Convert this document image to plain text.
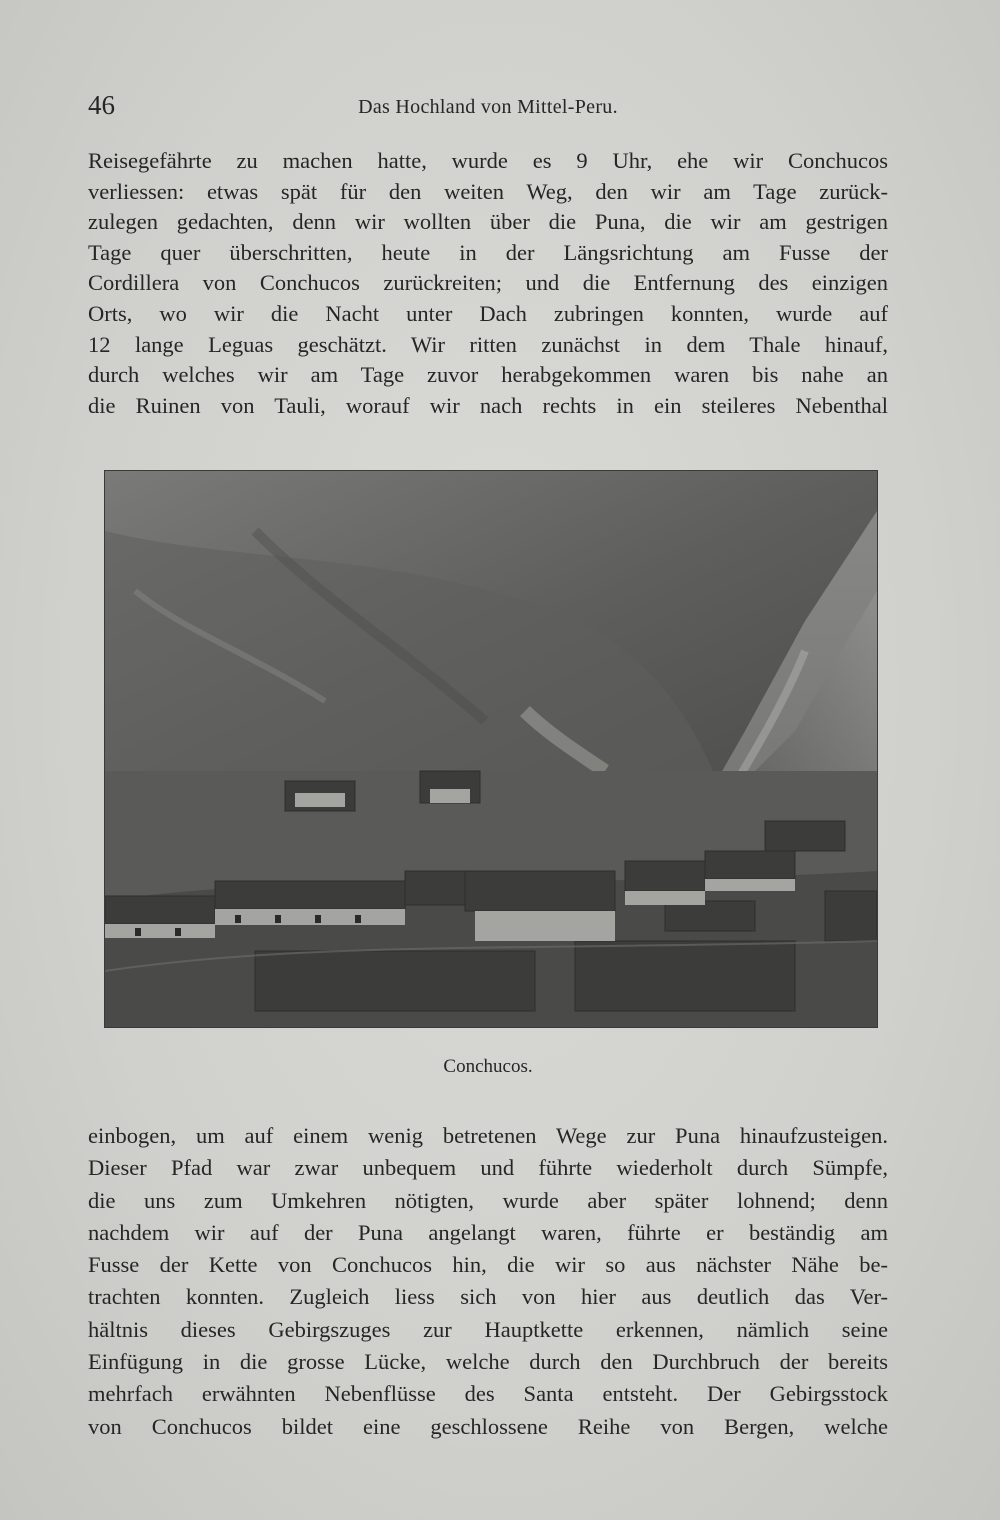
46	Das Hochland von Mittel-Peru.
Reisegefährte zu machen hatte, wurde es 9 Uhr, ehe wir Conchucos
verliessen: etwas spät für den weiten Weg, den wir am Tage zurück-
zulegen gedachten, denn wir wollten über die Puna, die wir am gestrigen
Tage quer überschritten, heute in der Längsrichtung am Fusse der
Cordillera von Conchucos zurückreiten; und die Entfernung des einzigen
Orts, wo wir die Nacht unter Dach zubringen konnten, wurde auf
12 lange Leguas geschätzt. Wir ritten zunächst in dem Thale hinauf,
durch welches wir am Tage zuvor herabgekommen waren bis nahe an
die Ruinen von Tauli, worauf wir nach rechts in ein steileres Nebenthal
Conchucos.
einbogen, um auf einem wenig betretenen Wege zur Puna hinaufzusteigen.
Dieser Pfad war zwar unbequem und führte wiederholt durch Sümpfe,
die uns zum Umkehren nötigten, wurde aber später lohnend; denn
nachdem wir auf der Puna angelangt waren, führte er beständig am
Fusse der Kette von Conchucos hin, die wir so aus nächster Nähe be-
trachten konnten. Zugleich liess sich von hier aus deutlich das Ver-
hältnis dieses Gebirgszuges zur Hauptkette erkennen, nämlich seine
Einfügung in die grosse Lücke, welche durch den Durchbruch der bereits
mehrfach erwähnten Nebenflüsse des Santa entsteht. Der Gebirgsstock
von Conchucos bildet eine geschlossene Reihe von Bergen, welche
